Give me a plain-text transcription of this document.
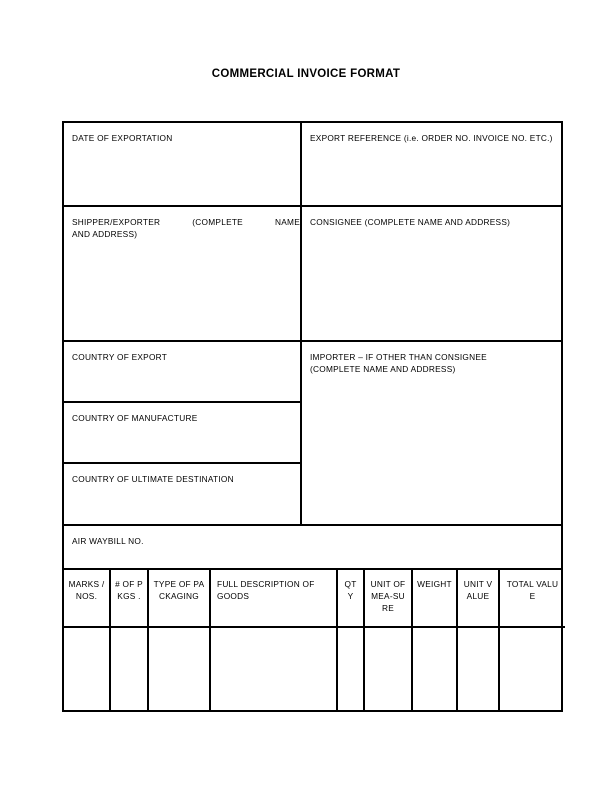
COMMERCIAL INVOICE FORMAT
DATE OF EXPORTATION
SHIPPER/EXPORTER	(COMPLETE	NAME
AND ADDRESS)
COUNTRY OF EXPORT
COUNTRY OF MANUFACTURE
COUNTRY OF ULTIMATE DESTINATION
EXPORT REFERENCE (i.e. ORDER NO. INVOICE NO. ETC.)
CONSIGNEE (COMPLETE NAME AND ADDRESS)
IMPORTER – IF OTHER THAN CONSIGNEE
(COMPLETE NAME AND ADDRESS)
AIR WAYBILL NO.
MARKS /NOS.	# OF PKGS .	TYPE OF PACKAGING	FULL DESCRIPTION OF GOODS	QTY	UNIT OF MEA-SURE	WEIGHT	UNIT VALUE	TOTAL VALUE
